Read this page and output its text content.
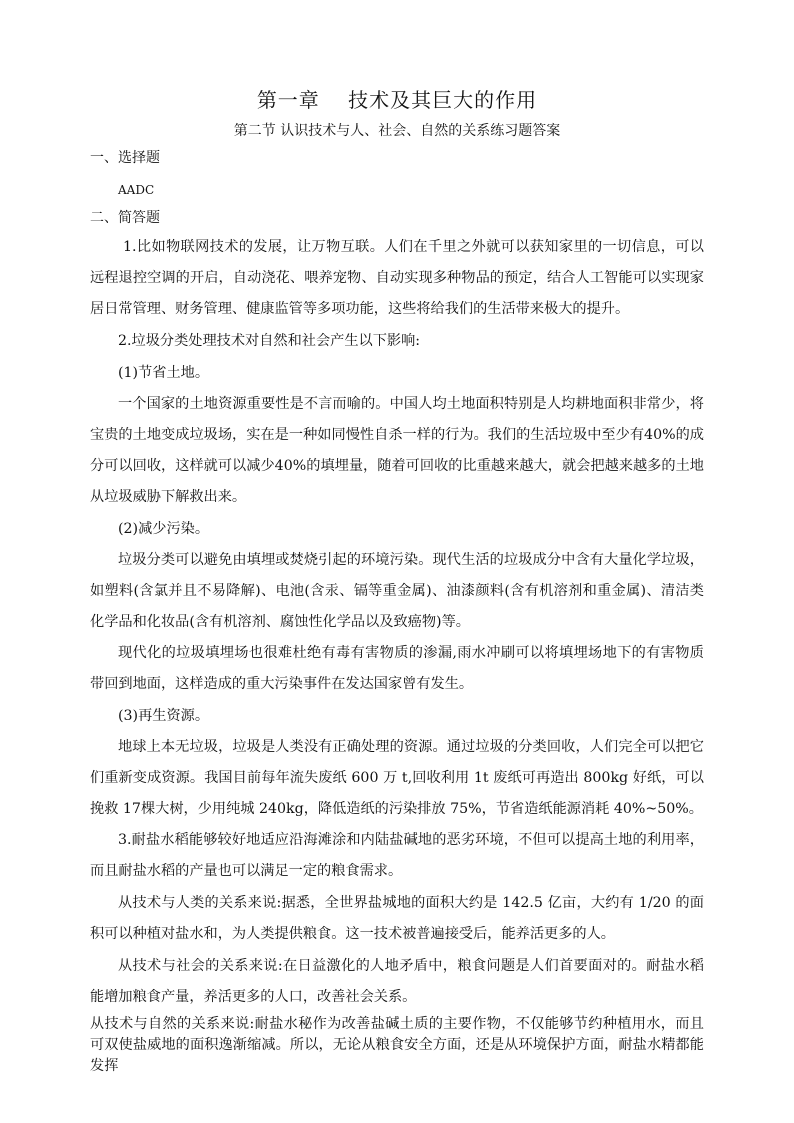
第一章　 技术及其巨大的作用
第二节 认识技术与人、社会、自然的关系练习题答案
一、选择题
AADC
二、简答题
1.比如物联网技术的发展，让万物互联。人们在千里之外就可以获知家里的一切信息，可以远程退控空调的开启，自动浇花、喂养宠物、自动实现多种物品的预定，结合人工智能可以实现家居日常管理、财务管理、健康监管等多项功能，这些将给我们的生活带来极大的提升。
2.垃圾分类处理技术对自然和社会产生以下影响:
(1)节省土地。
一个国家的土地资源重要性是不言而喻的。中国人均土地面积特别是人均耕地面积非常少，将宝贵的土地变成垃圾场，实在是一种如同慢性自杀一样的行为。我们的生活垃圾中至少有40%的成分可以回收，这样就可以减少40%的填埋量，随着可回收的比重越来越大，就会把越来越多的土地从垃圾威胁下解救出来。
(2)减少污染。
垃圾分类可以避免由填埋或焚烧引起的环境污染。现代生活的垃圾成分中含有大量化学垃圾，如塑料(含氯并且不易降解)、电池(含汞、镉等重金属)、油漆颜料(含有机溶剂和重金属)、清洁类化学品和化妆品(含有机溶剂、腐蚀性化学品以及致癌物)等。
现代化的垃圾填埋场也很难杜绝有毒有害物质的渗漏,雨水冲刷可以将填埋场地下的有害物质带回到地面，这样造成的重大污染事件在发达国家曾有发生。
(3)再生资源。
地球上本无垃圾，垃圾是人类没有正确处理的资源。通过垃圾的分类回收，人们完全可以把它们重新变成资源。我国目前每年流失废纸 600 万 t,回收利用 1t 废纸可再造出 800kg 好纸，可以挽救 17棵大树，少用纯城 240kg，降低造纸的污染排放 75%，节省造纸能源消耗 40%~50%。
3.耐盐水稻能够较好地适应沿海滩涂和内陆盐碱地的恶劣环境，不但可以提高土地的利用率，而且耐盐水稻的产量也可以满足一定的粮食需求。
从技术与人类的关系来说:据悉，全世界盐城地的面积大约是 142.5 亿亩，大约有 1/20 的面积可以种植对盐水和，为人类提供粮食。这一技术被普遍接受后，能养活更多的人。
从技术与社会的关系来说:在日益激化的人地矛盾中，粮食问题是人们首要面对的。耐盐水稻能增加粮食产量，养活更多的人口，改善社会关系。
从技术与自然的关系来说:耐盐水秘作为改善盐碱土质的主要作物，不仅能够节约种植用水，而且可双使盐威地的面积逸渐缩减。所以，无论从粮食安全方面，还是从环境保护方面，耐盐水精都能发挥
